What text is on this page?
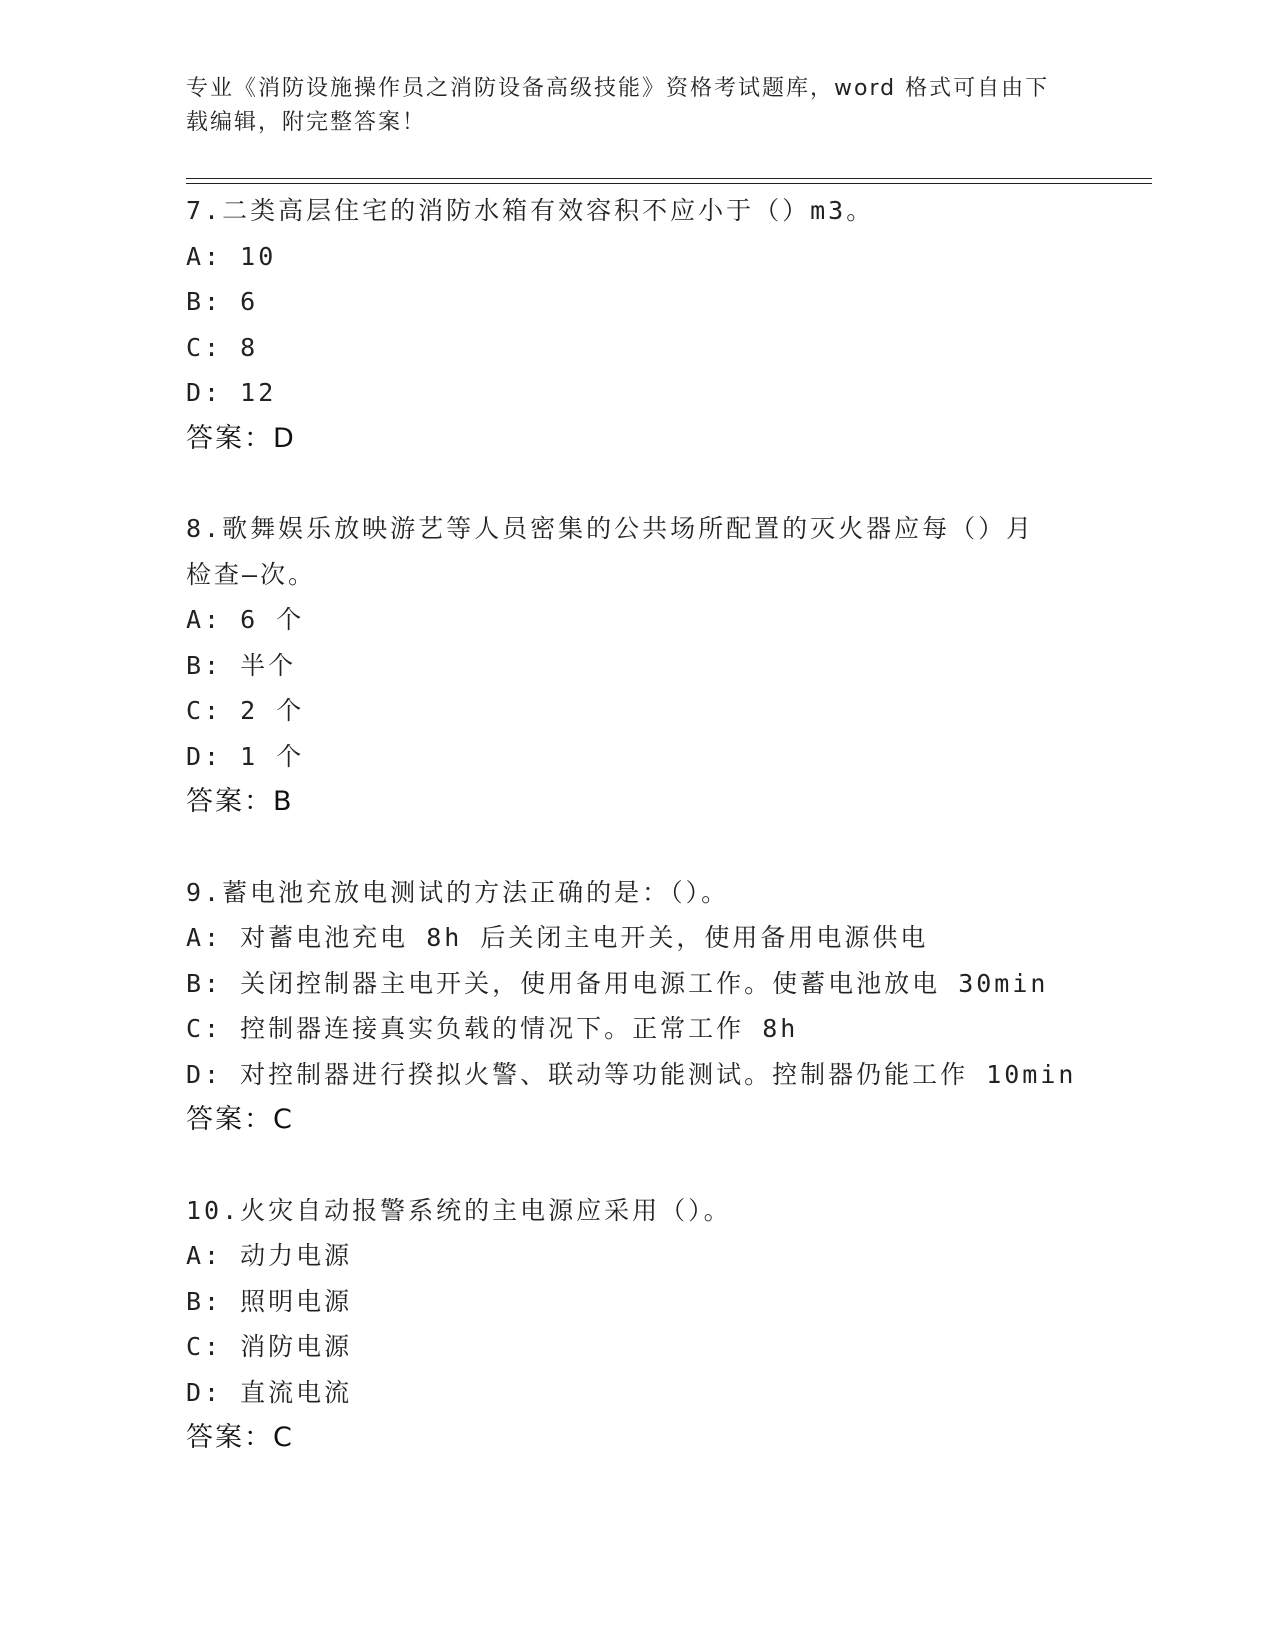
专业《消防设施操作员之消防设备高级技能》资格考试题库，word 格式可自由下
载编辑，附完整答案！
7.二类高层住宅的消防水箱有效容积不应小于（）m3。
A: 10
B: 6
C: 8
D: 12
答案：D
8.歌舞娱乐放映游艺等人员密集的公共场所配置的灭火器应每（）月
检查—次。
A: 6 个
B: 半个
C: 2 个
D: 1 个
答案：B
9.蓄电池充放电测试的方法正确的是：（）。
A: 对蓄电池充电 8h 后关闭主电开关，使用备用电源供电
B: 关闭控制器主电开关，使用备用电源工作。使蓄电池放电 30min
C: 控制器连接真实负载的情况下。正常工作 8h
D: 对控制器进行揆拟火警、联动等功能测试。控制器仍能工作 10min
答案：C
10.火灾自动报警系统的主电源应采用（）。
A: 动力电源
B: 照明电源
C: 消防电源
D: 直流电流
答案：C
